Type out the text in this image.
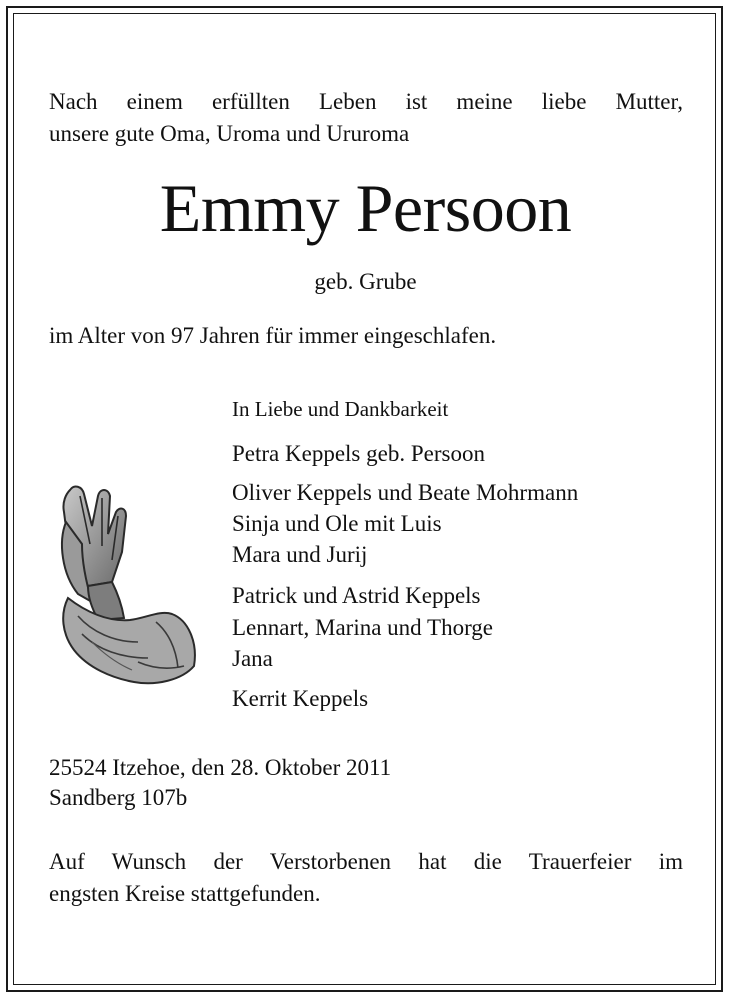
Nach einem erfüllten Leben ist meine liebe Mutter,
unsere gute Oma, Uroma und Ururoma
Emmy Persoon
geb. Grube
im Alter von 97 Jahren für immer eingeschlafen.
In Liebe und Dankbarkeit
Petra Keppels geb. Persoon
Oliver Keppels und Beate Mohrmann
Sinja und Ole mit Luis
Mara und Jurij
Patrick und Astrid Keppels
Lennart, Marina und Thorge
Jana
Kerrit Keppels
25524 Itzehoe, den 28. Oktober 2011
Sandberg 107b
Auf Wunsch der Verstorbenen hat die Trauerfeier im
engsten Kreise stattgefunden.
